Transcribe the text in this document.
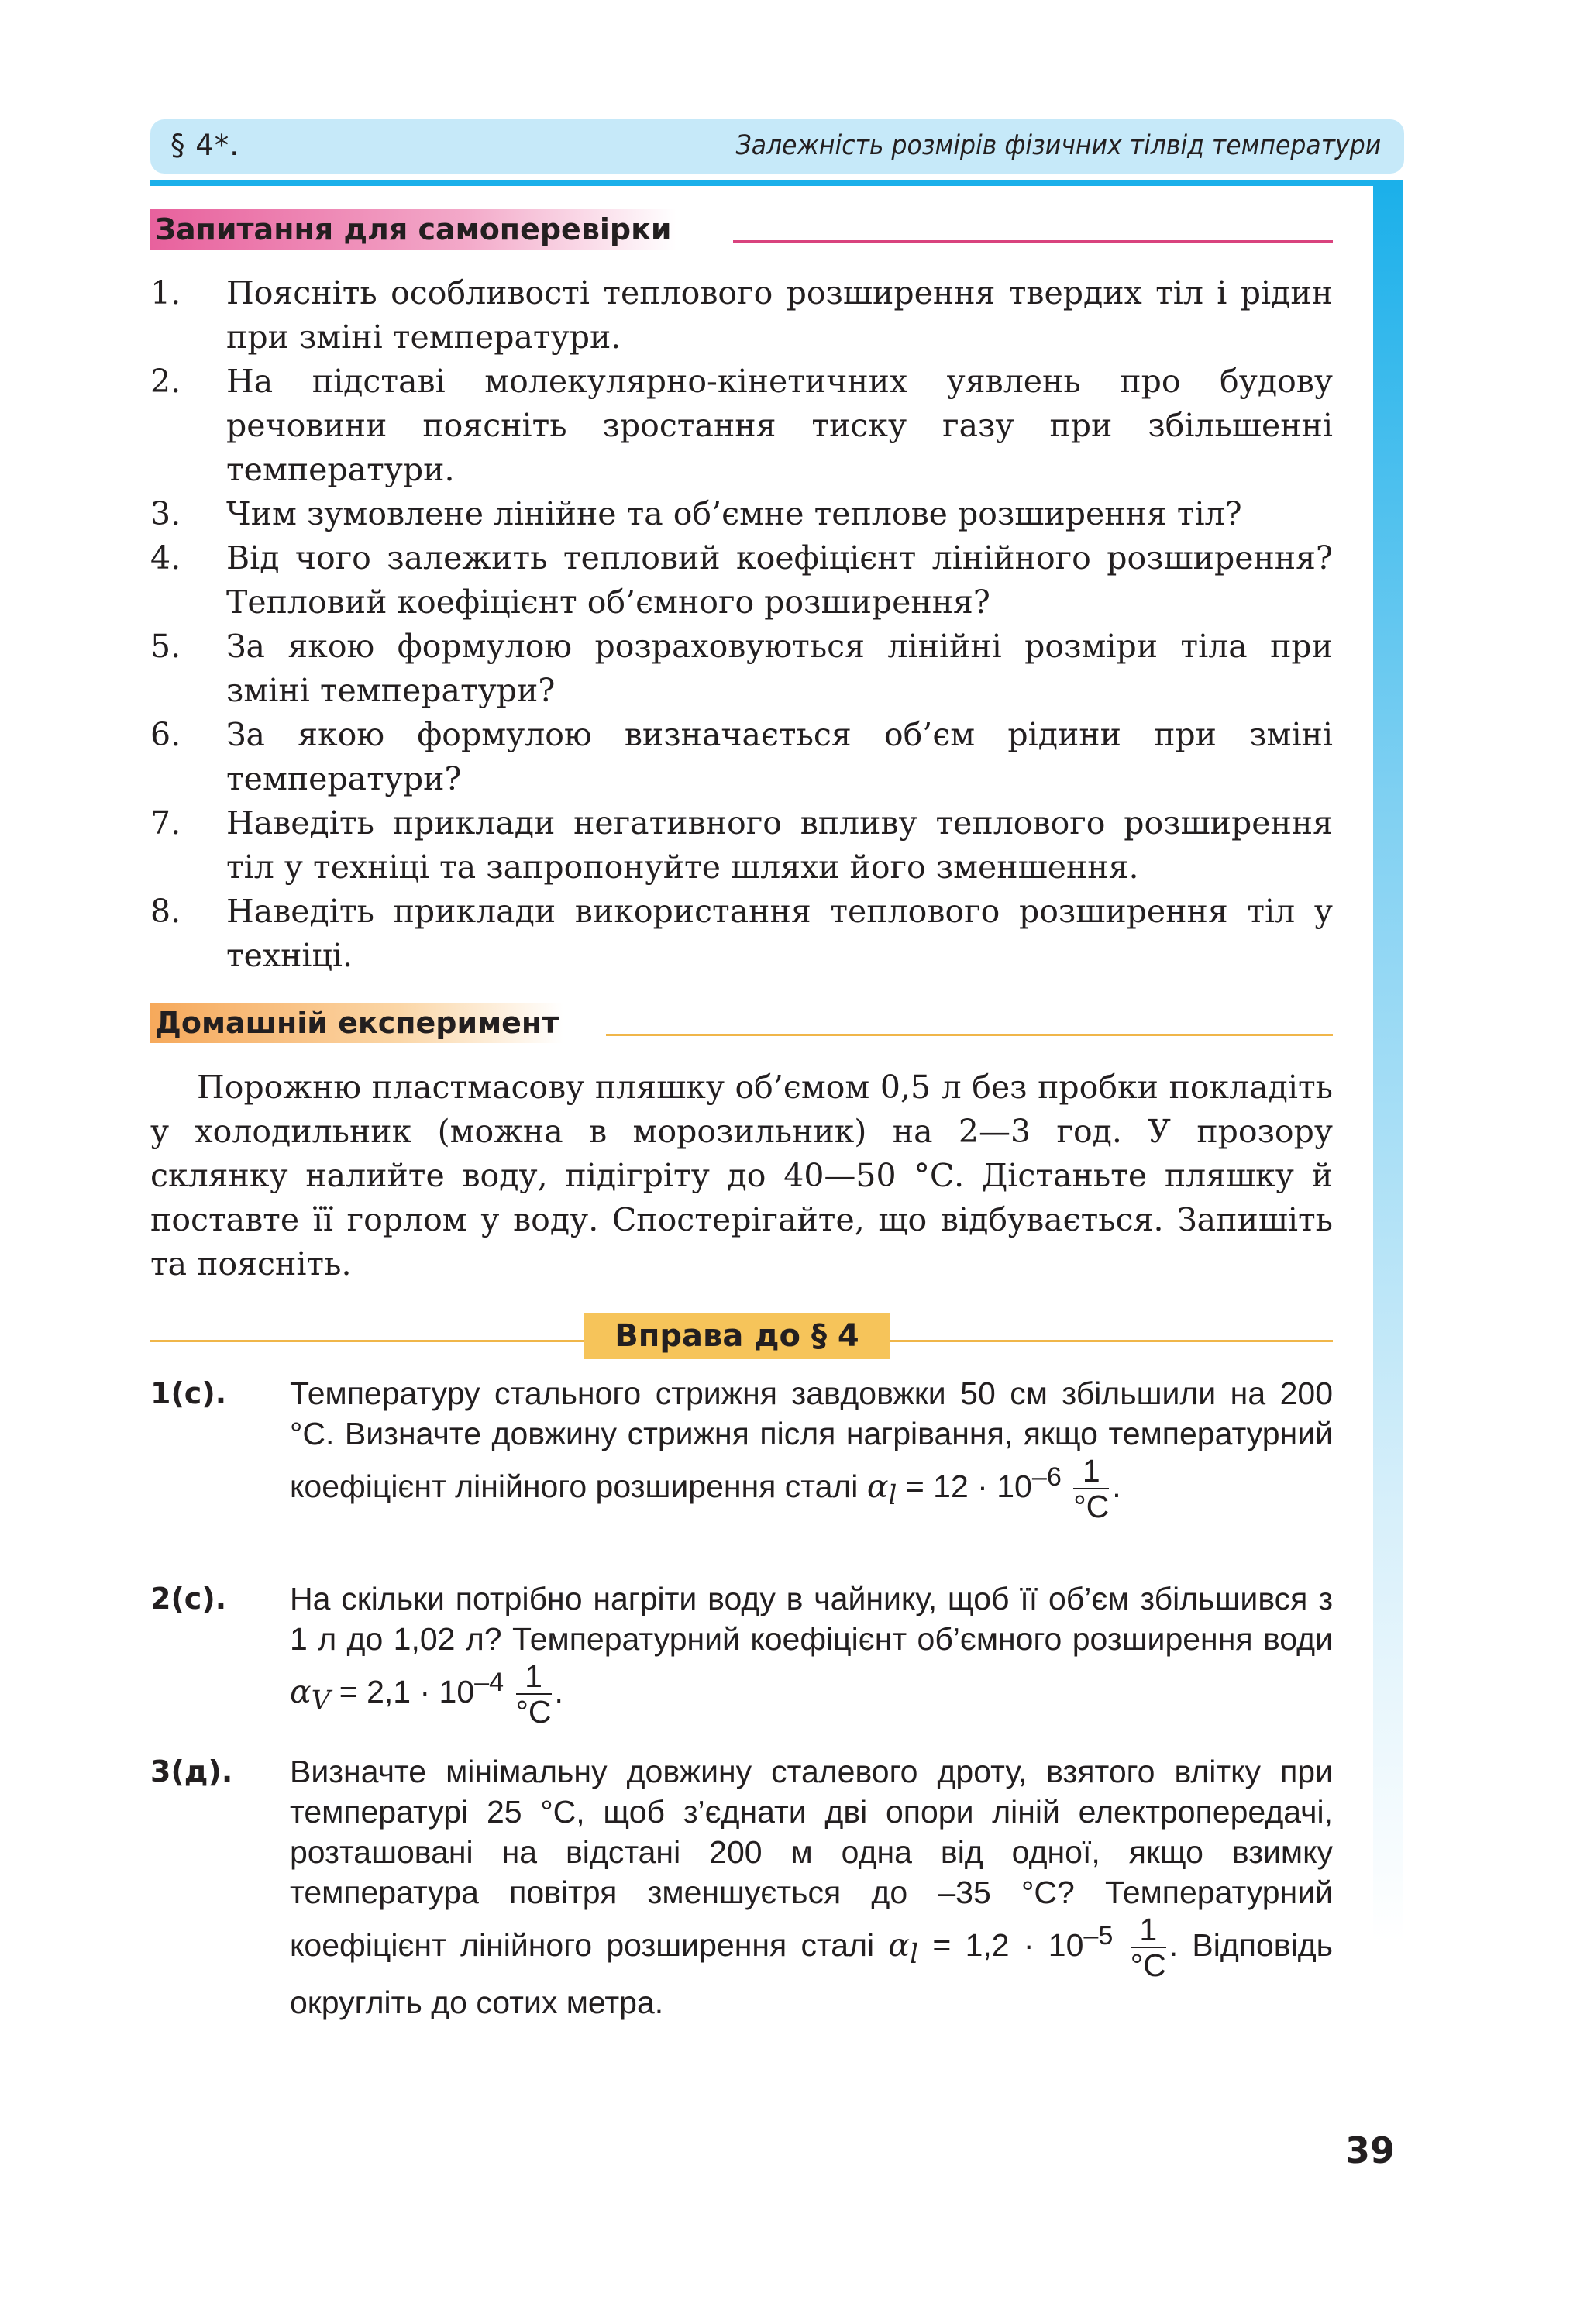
§ 4*.	Залежність розмірів фізичних тілвід температури
Запитання для самоперевірки
1. Поясніть особливості теплового розширення твердих тіл і рідин при зміні температури.
2. На підставі молекулярно-кінетичних уявлень про будову речовини поясніть зростання тиску газу при збільшенні температури.
3. Чим зумовлене лінійне та об’ємне теплове розширення тіл?
4. Від чого залежить тепловий коефіцієнт лінійного розширення? Тепловий коефіцієнт об’ємного розширення?
5. За якою формулою розраховуються лінійні розміри тіла при зміні температури?
6. За якою формулою визначається об’єм рідини при зміні температури?
7. Наведіть приклади негативного впливу теплового розширення тіл у техніці та запропонуйте шляхи його зменшення.
8. Наведіть приклади використання теплового розширення тіл у техніці.
Домашній експеримент

Порожню пластмасову пляшку об’ємом 0,5 л без пробки покладіть у холодильник (можна в морозильник) на 2—3 год. У прозору склянку налийте воду, підігріту до 40—50 °С. Дістаньте пляшку й поставте її горлом у воду. Спостерігайте, що відбувається. Запишіть та поясніть.

Вправа до § 4
1(с). Температуру стального стрижня завдовжки 50 см збільшили на 200 °С. Визначте довжину стрижня після нагрівання, якщо температурний коефіцієнт лінійного розширення сталі $\alpha_l = 12 \cdot 10^{-6} \frac{1}{^\circ С}$ .
2(с). На скільки потрібно нагріти воду в чайнику, щоб її об’єм збільшився з 1 л до 1,02 л? Температурний коефіцієнт об’ємного розширення води $\alpha_V = 2,1 \cdot 10^{-4} \frac{1}{^\circ С}$ .
3(д). Визначте мінімальну довжину сталевого дроту, взятого влітку при температурі 25 °С, щоб з’єднати дві опори ліній електропередачі, розташовані на відстані 200 м одна від одної, якщо взимку температура повітря зменшується до –35 °С? Температурний коефіцієнт лінійного розширення сталі $\alpha_l = 1,2 \cdot 10^{-5} \frac{1}{^\circ С}$ . Відповідь округліть до сотих метра.
39
